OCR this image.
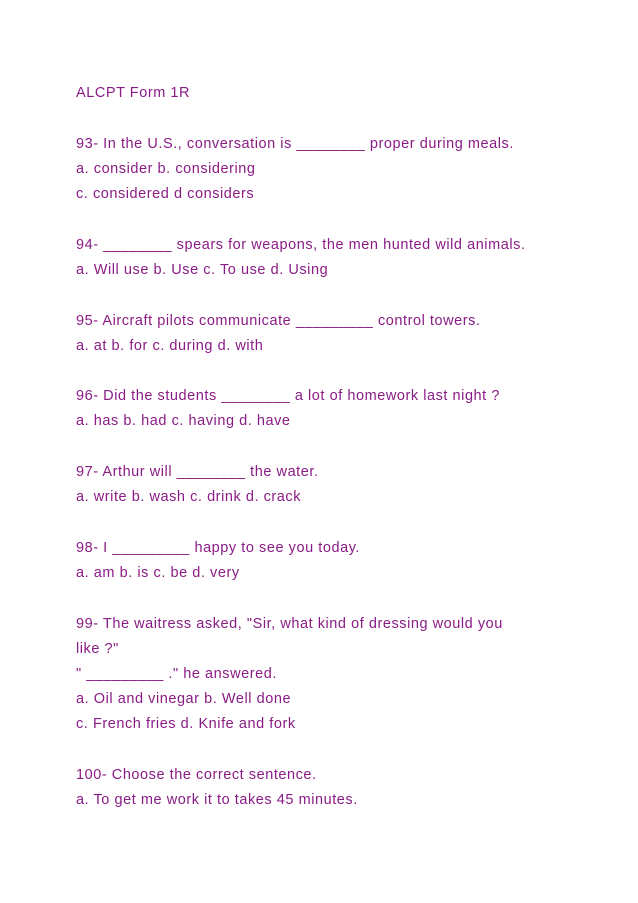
ALCPT Form 1R
93- In the U.S., conversation is ________ proper during meals.
a. consider b. considering
c. considered d considers
94- ________ spears for weapons, the men hunted wild animals.
a. Will use b. Use c. To use d. Using
95- Aircraft pilots communicate _________ control towers.
a. at b. for c. during d. with
96- Did the students ________ a lot of homework last night ?
a. has b. had c. having d. have
97- Arthur will ________ the water.
a. write b. wash c. drink d. crack
98- I _________ happy to see you today.
a. am b. is c. be d. very
99- The waitress asked, "Sir, what kind of dressing would you
like ?"
" _________ ." he answered.
a. Oil and vinegar b. Well done
c. French fries d. Knife and fork
100- Choose the correct sentence.
a. To get me work it to takes 45 minutes.
